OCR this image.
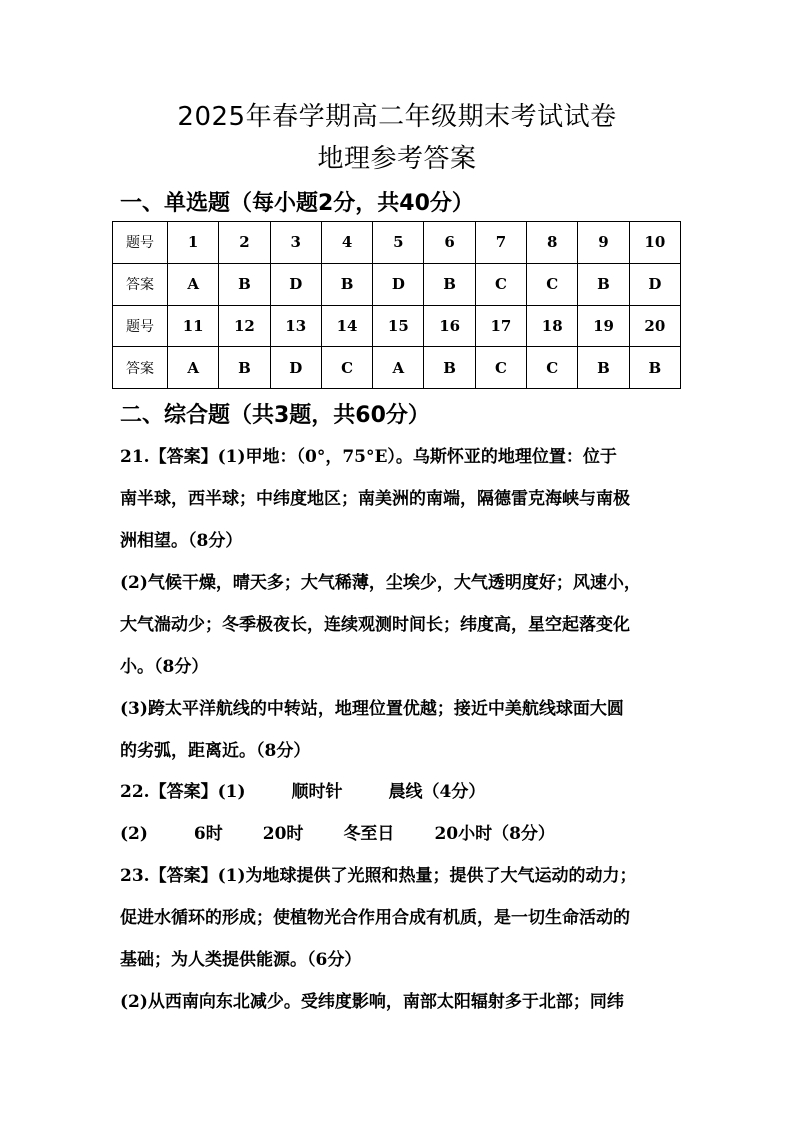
2025年春学期高二年级期末考试试卷
地理参考答案
一、单选题（每小题2分，共40分）
题号	1	2	3	4	5	6	7	8	9	10
答案	A	B	D	B	D	B	C	C	B	D
题号	11	12	13	14	15	16	17	18	19	20
答案	A	B	D	C	A	B	C	C	B	B
二、综合题（共3题，共60分）
21.【答案】(1)甲地：（0°，75°E）。乌斯怀亚的地理位置：位于
南半球，西半球；中纬度地区；南美洲的南端，隔德雷克海峡与南极
洲相望。（8分）
(2)气候干燥，晴天多；大气稀薄，尘埃少，大气透明度好；风速小，
大气湍动少；冬季极夜长，连续观测时间长；纬度高，星空起落变化
小。（8分）
(3)跨太平洋航线的中转站，地理位置优越；接近中美航线球面大圆
的劣弧，距离近。（8分）
22.【答案】(1)	顺时针	晨线（4分）
(2)	6时 20时 冬至日 20小时（8分）
23.【答案】(1)为地球提供了光照和热量；提供了大气运动的动力；
促进水循环的形成；使植物光合作用合成有机质，是一切生命活动的
基础；为人类提供能源。（6分）
(2)从西南向东北减少。受纬度影响，南部太阳辐射多于北部；同纬
